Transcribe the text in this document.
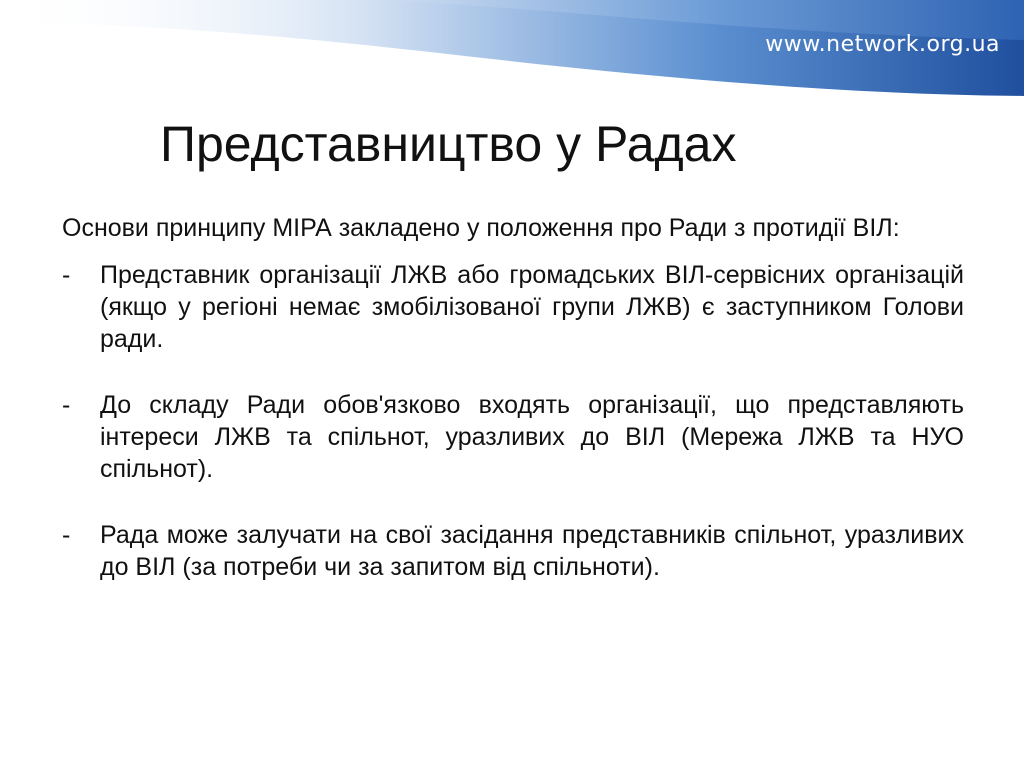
www.network.org.ua
Представництво у Радах

Основи принципу МІРА закладено у положення про Ради з протидії ВІЛ:

- Представник організації ЛЖВ або громадських ВІЛ-сервісних організацій (якщо у регіоні немає змобілізованої групи ЛЖВ) є заступником Голови ради.
- До складу Ради обов'язково входять організації, що представляють інтереси ЛЖВ та спільнот, уразливих до ВІЛ (Мережа ЛЖВ та НУО спільнот).
- Рада може залучати на свої засідання представників спільнот, уразливих до ВІЛ (за потреби чи за запитом від спільноти).
